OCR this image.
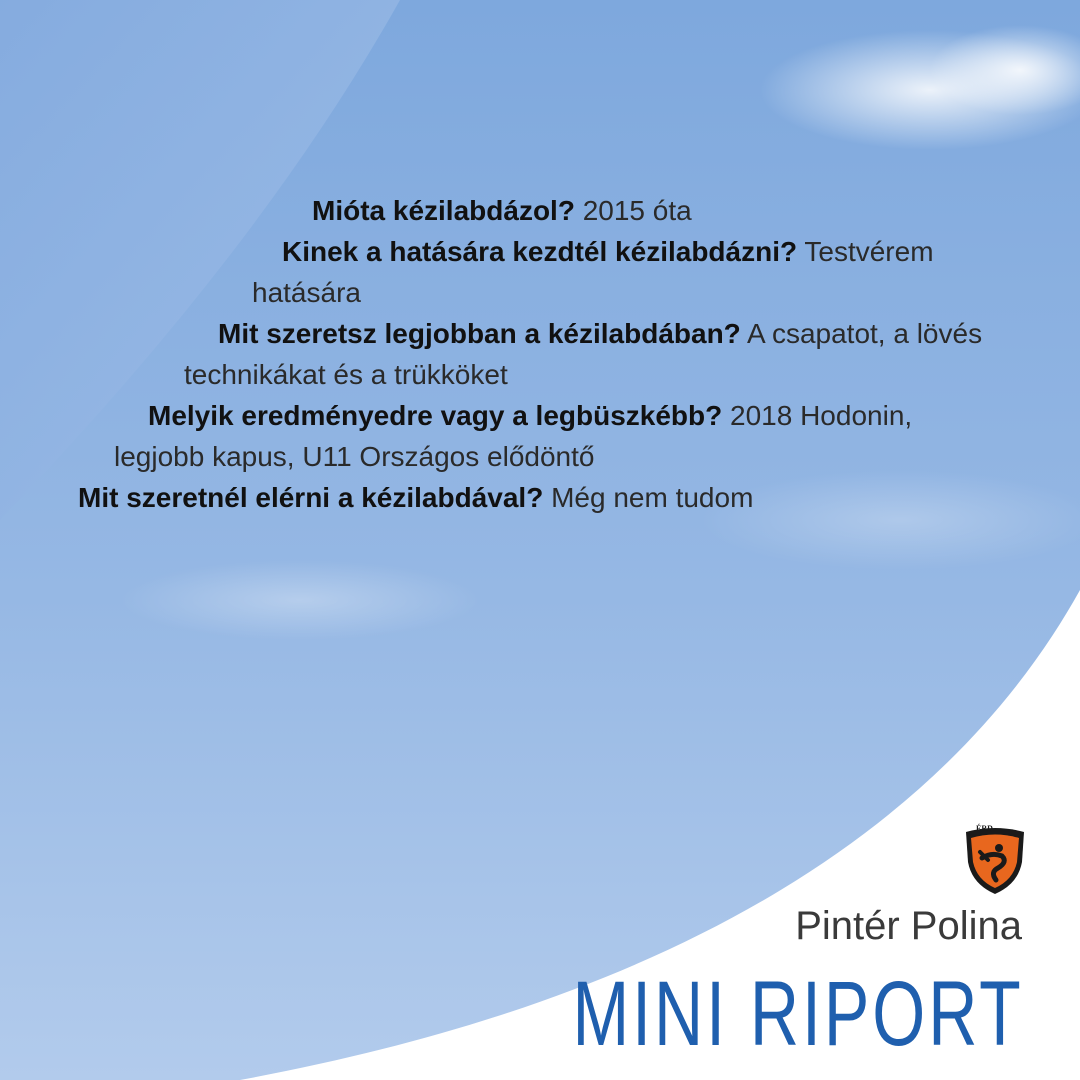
Mióta kézilabdázol? 2015 óta
Kinek a hatására kezdtél kézilabdázni? Testvérem
hatására
Mit szeretsz legjobban a kézilabdában? A csapatot, a lövés
technikákat és a trükköket
Melyik eredményedre vagy a legbüszkébb? 2018 Hodonin,
legjobb kapus, U11 Országos elődöntő
Mit szeretnél elérni a kézilabdával? Még nem tudom
ÉRD
Pintér Polina
MINI RIPORT
